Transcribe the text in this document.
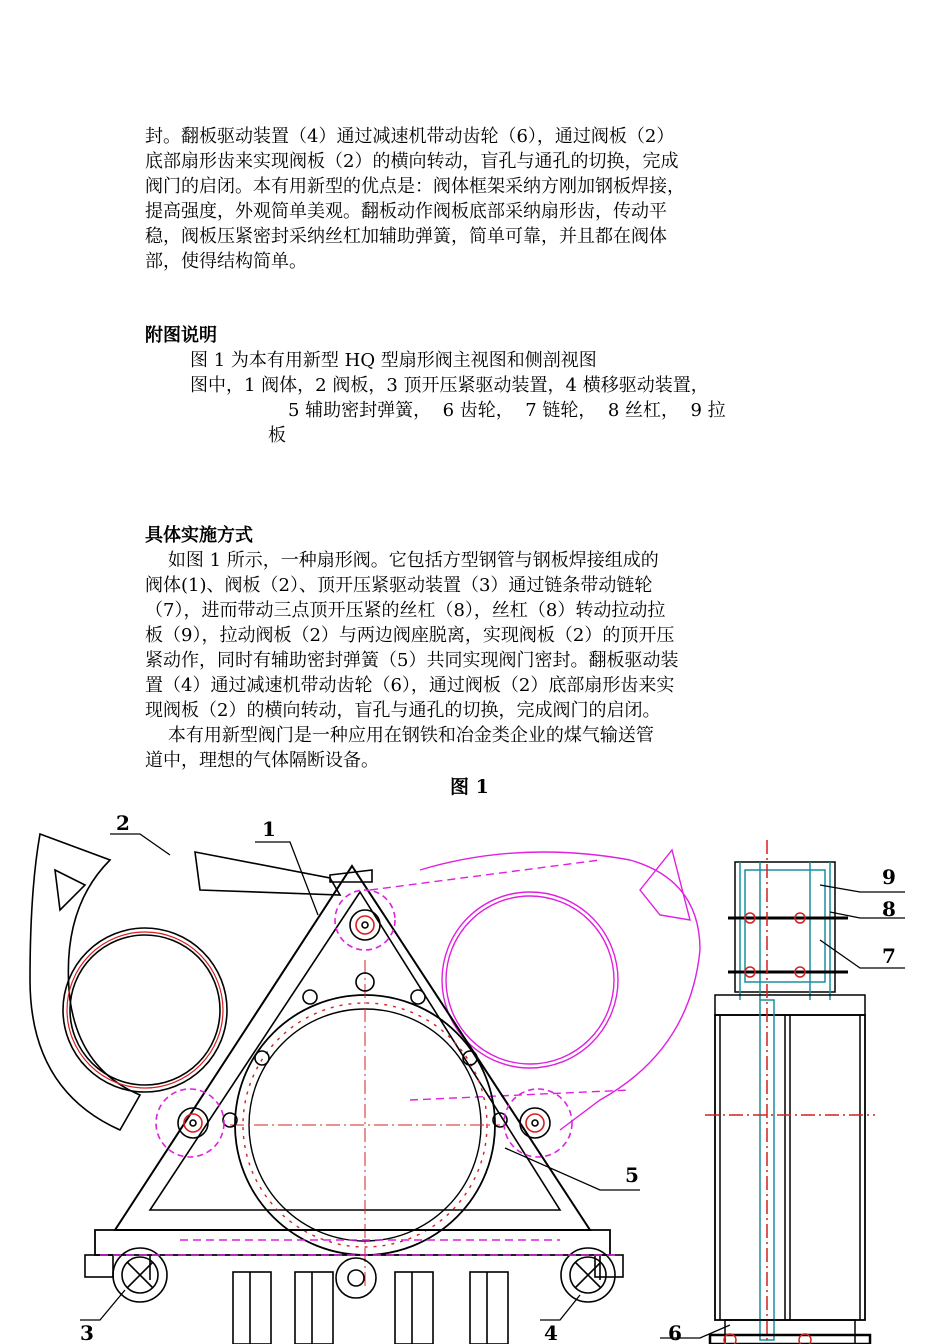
封。翻板驱动装置（4）通过减速机带动齿轮（6），通过阀板（2）

底部扇形齿来实现阀板（2）的横向转动，盲孔与通孔的切换，完成

阀门的启闭。本有用新型的优点是：阀体框架采纳方刚加钢板焊接，

提高强度，外观简单美观。翻板动作阀板底部采纳扇形齿，传动平

稳，阀板压紧密封采纳丝杠加辅助弹簧，简单可靠，并且都在阀体

部，使得结构简单。

附图说明

图 1 为本有用新型 HQ 型扇形阀主视图和侧剖视图

图中，1 阀体，2 阀板，3 顶开压紧驱动装置，4 横移驱动装置，

5 辅助密封弹簧，  6 齿轮，  7 链轮，  8 丝杠，  9 拉

板

具体实施方式

如图 1 所示，一种扇形阀。它包括方型钢管与钢板焊接组成的

阀体(1)、阀板（2）、顶开压紧驱动装置（3）通过链条带动链轮

（7），进而带动三点顶开压紧的丝杠（8），丝杠（8）转动拉动拉

板（9），拉动阀板（2）与两边阀座脱离，实现阀板（2）的顶开压

紧动作，同时有辅助密封弹簧（5）共同实现阀门密封。翻板驱动装

置（4）通过减速机带动齿轮（6），通过阀板（2）底部扇形齿来实

现阀板（2）的横向转动，盲孔与通孔的切换，完成阀门的启闭。

本有用新型阀门是一种应用在钢铁和冶金类企业的煤气输送管

道中，理想的气体隔断设备。

图 1
1
2
3	4
5
6
7
8
9
